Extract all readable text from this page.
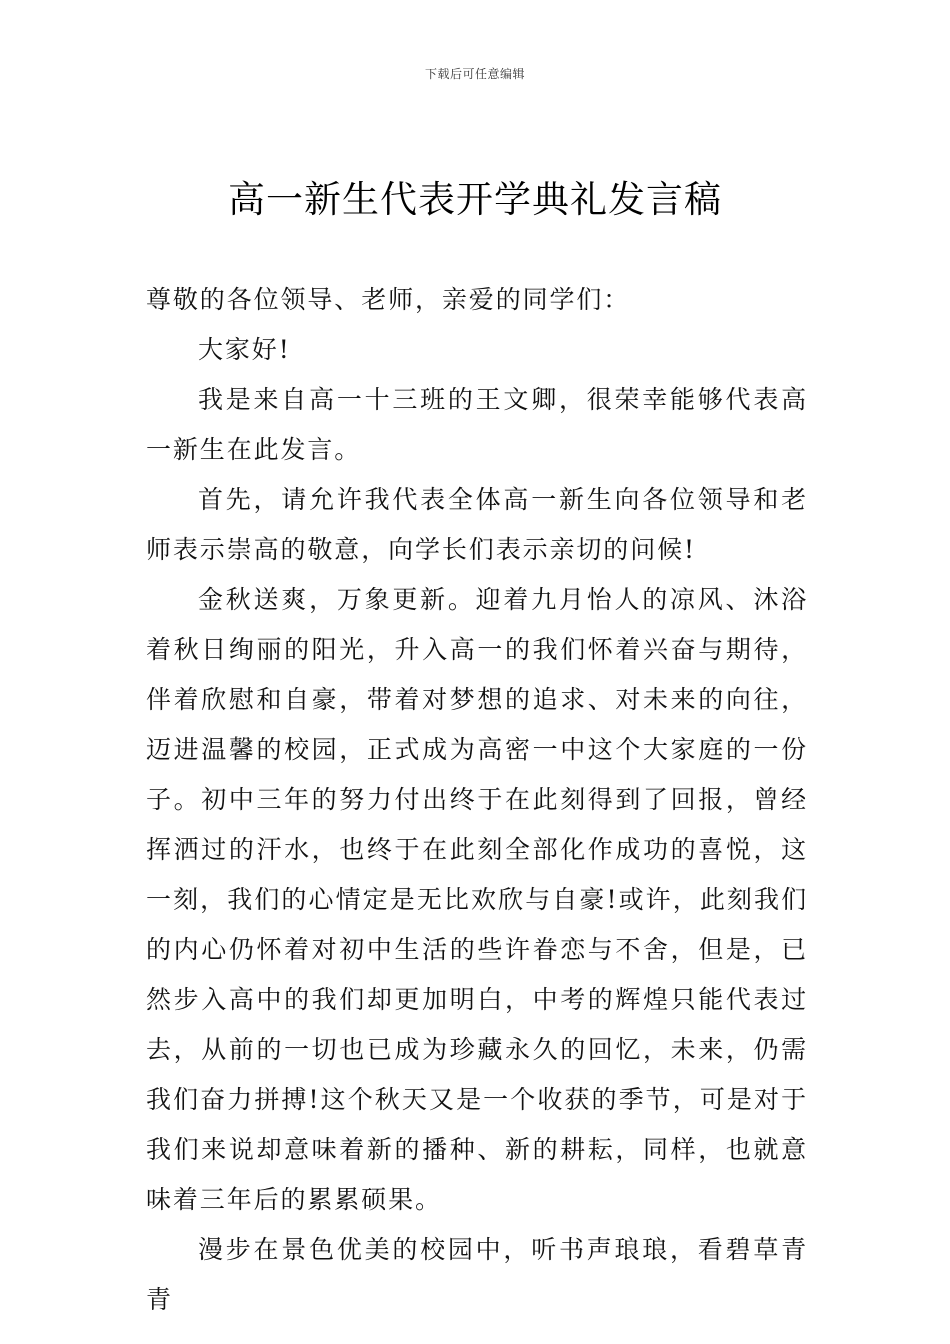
下载后可任意编辑
高一新生代表开学典礼发言稿

尊敬的各位领导、老师，亲爱的同学们：

大家好!

我是来自高一十三班的王文卿，很荣幸能够代表高一新生在此发言。

首先，请允许我代表全体高一新生向各位领导和老师表示崇高的敬意，向学长们表示亲切的问候!

金秋送爽，万象更新。迎着九月怡人的凉风、沐浴着秋日绚丽的阳光，升入高一的我们怀着兴奋与期待，伴着欣慰和自豪，带着对梦想的追求、对未来的向往，迈进温馨的校园，正式成为高密一中这个大家庭的一份子。初中三年的努力付出终于在此刻得到了回报，曾经挥洒过的汗水，也终于在此刻全部化作成功的喜悦，这一刻，我们的心情定是无比欢欣与自豪!或许，此刻我们的内心仍怀着对初中生活的些许眷恋与不舍，但是，已然步入高中的我们却更加明白，中考的辉煌只能代表过去，从前的一切也已成为珍藏永久的回忆，未来，仍需我们奋力拼搏!这个秋天又是一个收获的季节，可是对于我们来说却意味着新的播种、新的耕耘，同样，也就意味着三年后的累累硕果。

漫步在景色优美的校园中，听书声琅琅，看碧草青青
